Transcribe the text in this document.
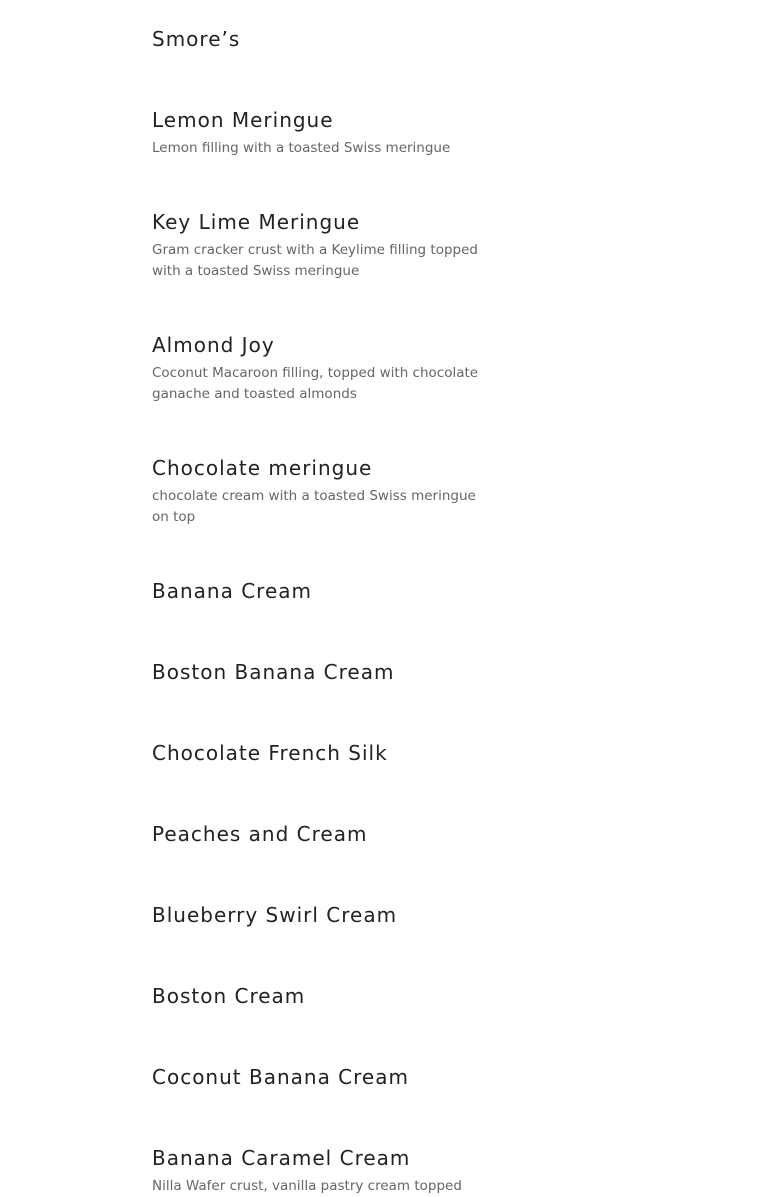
Smore’s
Lemon Meringue
Lemon filling with a toasted Swiss meringue
Key Lime Meringue
Gram cracker crust with a Keylime filling topped with a toasted Swiss meringue
Almond Joy
Coconut Macaroon filling, topped with chocolate ganache and toasted almonds
Chocolate meringue
chocolate cream with a toasted Swiss meringue on top
Banana Cream
Boston Banana Cream
Chocolate French Silk
Peaches and Cream
Blueberry Swirl Cream
Boston Cream
Coconut Banana Cream
Banana Caramel Cream
Nilla Wafer crust, vanilla pastry cream topped
